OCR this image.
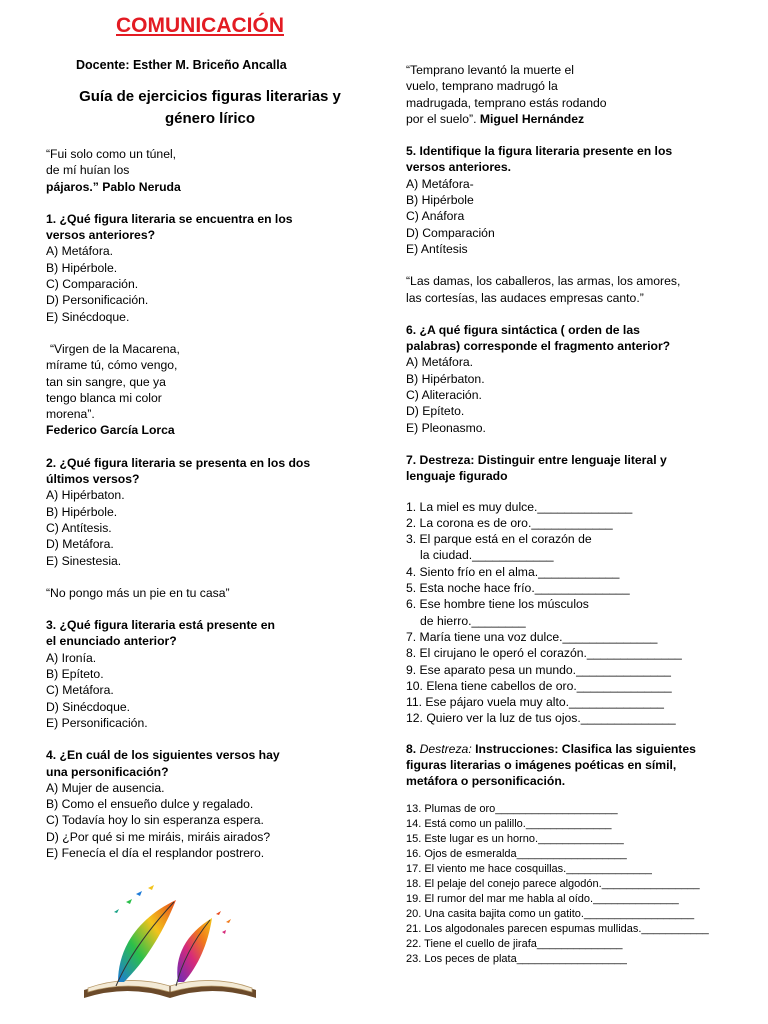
COMUNICACIÓN
Docente: Esther M. Briceño Ancalla
Guía de ejercicios figuras literarias y
género lírico
“Fui solo como un túnel,
de mí huían los
pájaros.” Pablo Neruda
1. ¿Qué figura literaria se encuentra en los
versos anteriores?
A) Metáfora.
B) Hipérbole.
C) Comparación.
D) Personificación.
E) Sinécdoque.
“Virgen de la Macarena,
mírame tú, cómo vengo,
tan sin sangre, que ya
tengo blanca mi color
morena”.
Federico García Lorca
2. ¿Qué figura literaria se presenta en los dos
últimos versos?
A) Hipérbaton.
B) Hipérbole.
C) Antítesis.
D) Metáfora.
E) Sinestesia.
“No pongo más un pie en tu casa”
3. ¿Qué figura literaria está presente en
el enunciado anterior?
A) Ironía.
B) Epíteto.
C) Metáfora.
D) Sinécdoque.
E) Personificación.
4. ¿En cuál de los siguientes versos hay
una personificación?
A) Mujer de ausencia.
B) Como el ensueño dulce y regalado.
C) Todavía hoy lo sin esperanza espera.
D) ¿Por qué si me miráis, miráis airados?
E) Fenecía el día el resplandor postrero.
“Temprano levantó la muerte el
vuelo, temprano madrugó la
madrugada, temprano estás rodando
por el suelo”. Miguel Hernández
5. Identifique la figura literaria presente en los
versos anteriores.
A) Metáfora-
B) Hipérbole
C) Anáfora
D) Comparación
E) Antítesis
“Las damas, los caballeros, las armas, los amores,
las cortesías, las audaces empresas canto.”
6. ¿A qué figura sintáctica ( orden de las
palabras) corresponde el fragmento anterior?
A) Metáfora.
B) Hipérbaton.
C) Aliteración.
D) Epíteto.
E) Pleonasmo.
7. Destreza: Distinguir entre lenguaje literal y
lenguaje figurado
1. La miel es muy dulce.______________
2. La corona es de oro.____________
3. El parque está en el corazón de
la ciudad.____________
4. Siento frío en el alma.____________
5. Esta noche hace frío.______________
6. Ese hombre tiene los músculos
de hierro.________
7. María tiene una voz dulce.______________
8. El cirujano le operó el corazón.______________
9. Ese aparato pesa un mundo.______________
10. Elena tiene cabellos de oro.______________
11. Ese pájaro vuela muy alto.______________
12. Quiero ver la luz de tus ojos.______________
8. Destreza: Instrucciones: Clasifica las siguientes
figuras literarias o imágenes poéticas en símil,
metáfora o personificación.
13. Plumas de oro____________________
14. Está como un palillo.______________
15. Este lugar es un horno.______________
16. Ojos de esmeralda__________________
17. El viento me hace cosquillas.______________
18. El pelaje del conejo parece algodón.________________
19. El rumor del mar me habla al oído.______________
20. Una casita bajita como un gatito.__________________
21. Los algodonales parecen espumas mullidas.___________
22. Tiene el cuello de jirafa______________
23. Los peces de plata__________________
